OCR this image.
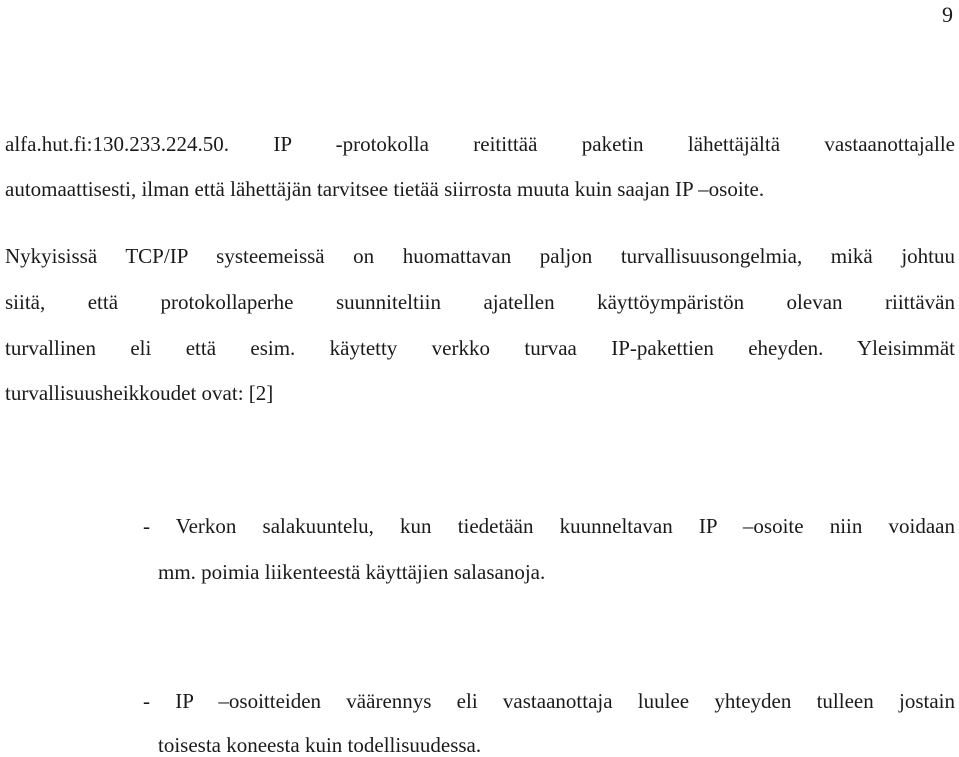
9
alfa.hut.fi:130.233.224.50. IP -protokolla reitittää paketin lähettäjältä vastaanottajalle
automaattisesti, ilman että lähettäjän tarvitsee tietää siirrosta muuta kuin saajan IP –osoite.
Nykyisissä TCP/IP systeemeissä on huomattavan paljon turvallisuusongelmia, mikä johtuu
siitä, että protokollaperhe suunniteltiin ajatellen käyttöympäristön olevan riittävän
turvallinen eli että esim. käytetty verkko turvaa IP-pakettien eheyden. Yleisimmät
turvallisuusheikkoudet ovat: [2]
- Verkon salakuuntelu, kun tiedetään kuunneltavan IP –osoite niin voidaan
mm. poimia liikenteestä käyttäjien salasanoja.
- IP –osoitteiden väärennys eli vastaanottaja luulee yhteyden tulleen jostain
toisesta koneesta kuin todellisuudessa.
